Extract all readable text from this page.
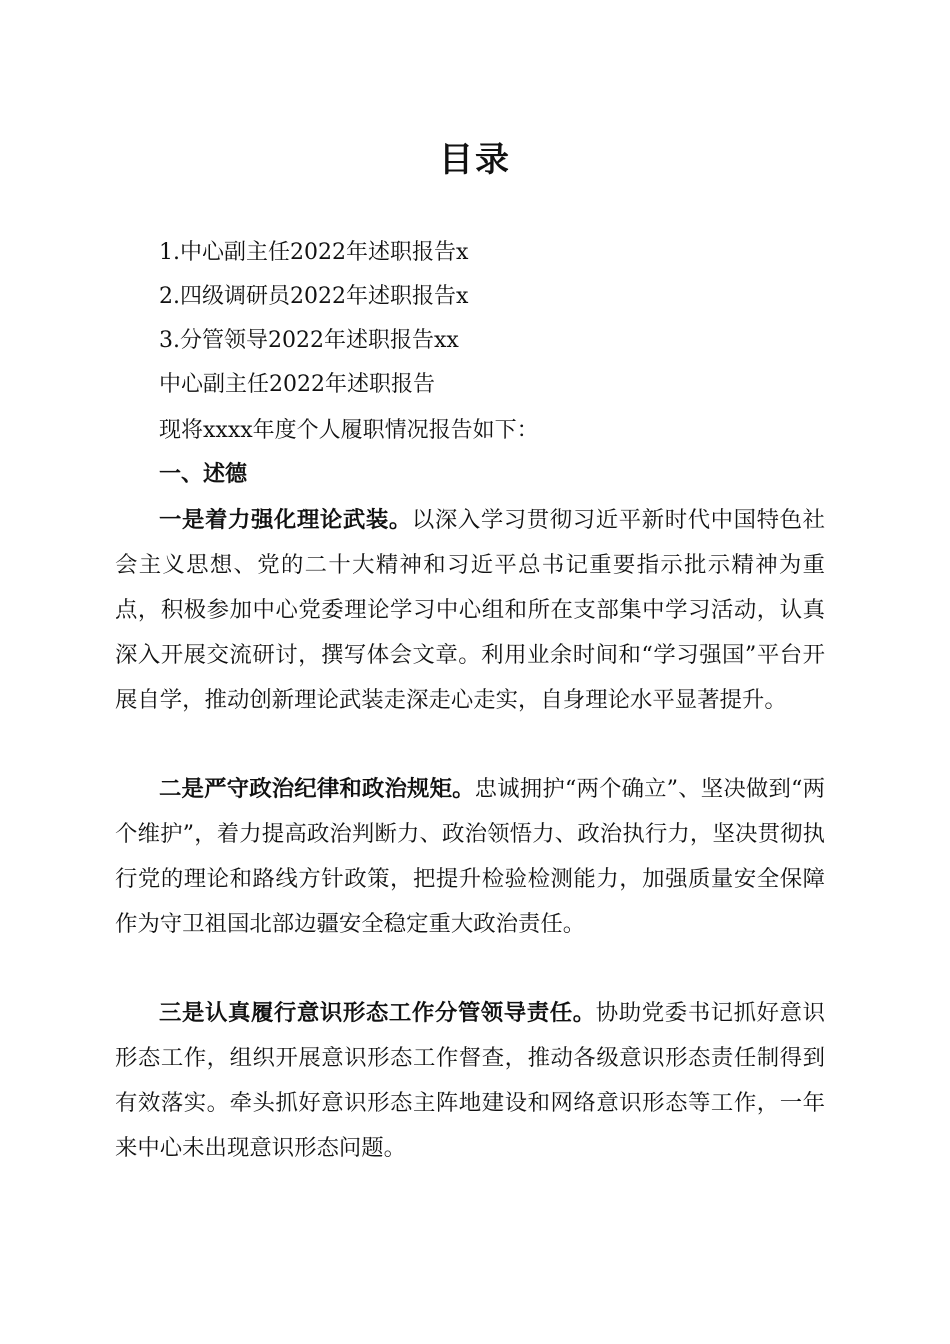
目录
1.中心副主任2022年述职报告x
2.四级调研员2022年述职报告x
3.分管领导2022年述职报告xx
中心副主任2022年述职报告
现将xxxx年度个人履职情况报告如下：
一、述德
一是着力强化理论武装。以深入学习贯彻习近平新时代中国特色社会主义思想、党的二十大精神和习近平总书记重要指示批示精神为重点，积极参加中心党委理论学习中心组和所在支部集中学习活动，认真深入开展交流研讨，撰写体会文章。利用业余时间和“学习强国”平台开展自学，推动创新理论武装走深走心走实，自身理论水平显著提升。
二是严守政治纪律和政治规矩。忠诚拥护“两个确立”、坚决做到“两个维护”，着力提高政治判断力、政治领悟力、政治执行力，坚决贯彻执行党的理论和路线方针政策，把提升检验检测能力，加强质量安全保障作为守卫祖国北部边疆安全稳定重大政治责任。
三是认真履行意识形态工作分管领导责任。协助党委书记抓好意识形态工作，组织开展意识形态工作督查，推动各级意识形态责任制得到有效落实。牵头抓好意识形态主阵地建设和网络意识形态等工作，一年来中心未出现意识形态问题。
